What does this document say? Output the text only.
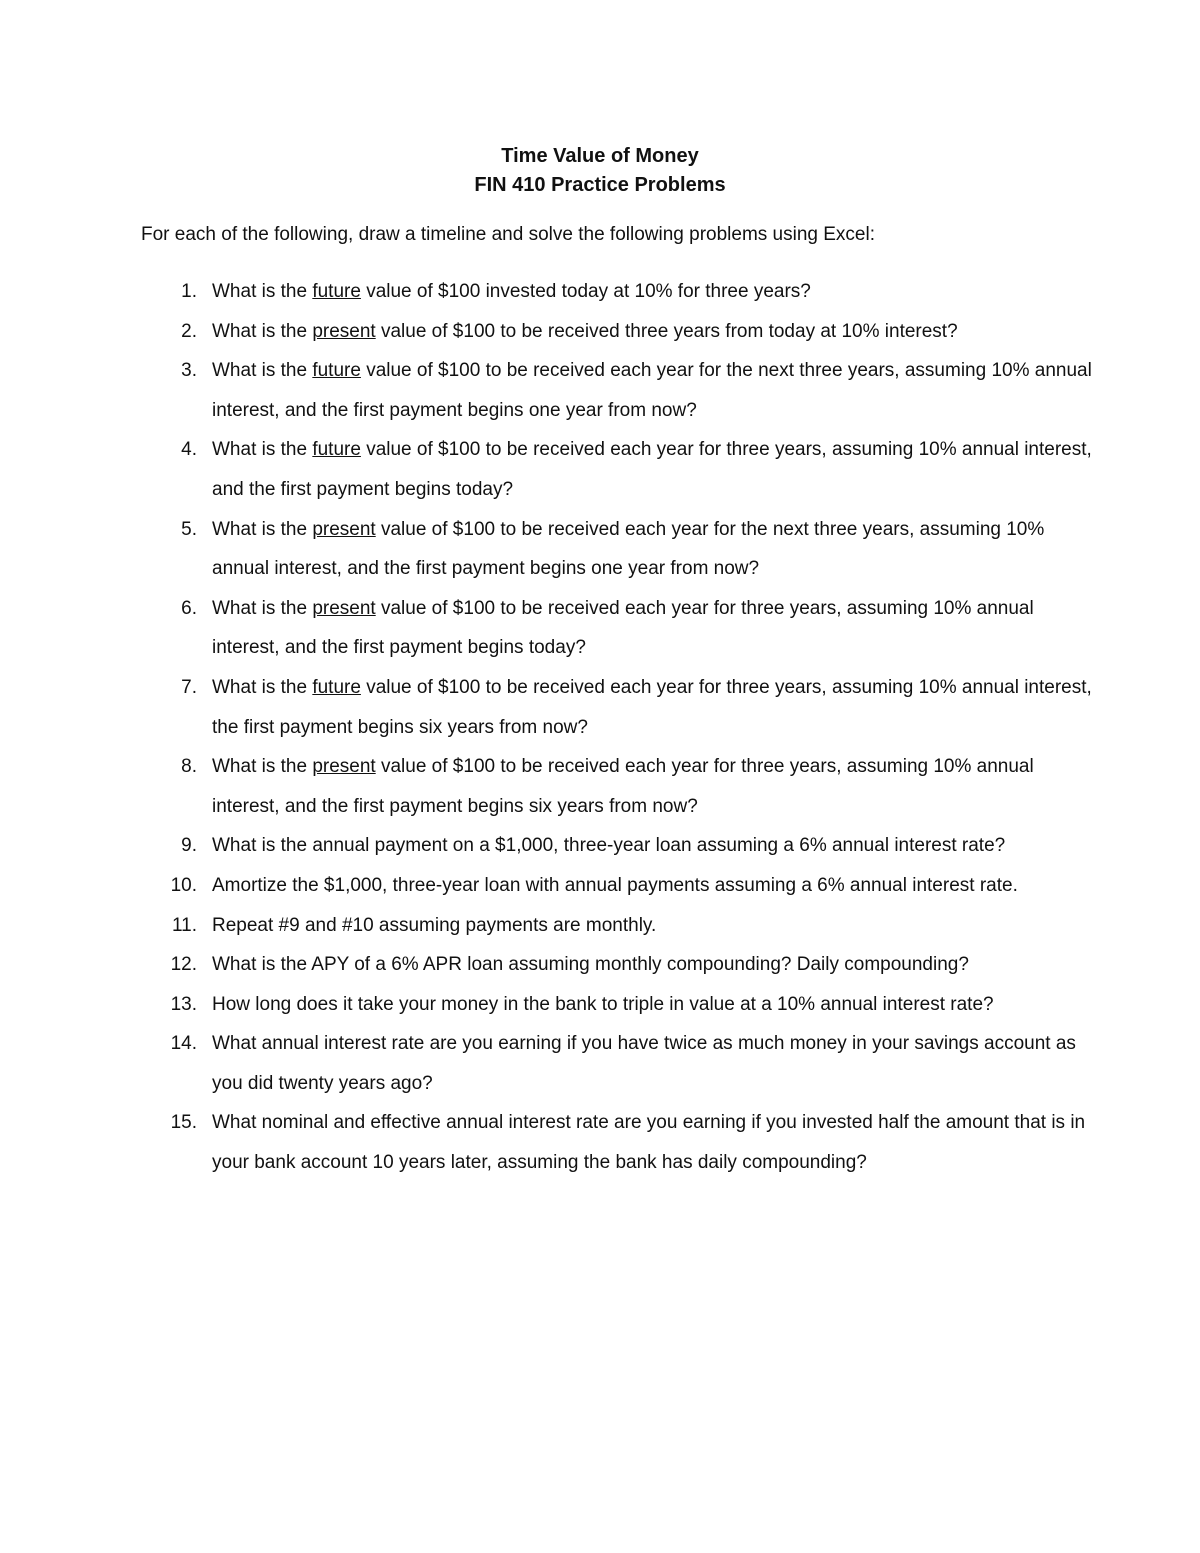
Time Value of Money

FIN 410 Practice Problems

For each of the following, draw a timeline and solve the following problems using Excel:

1. What is the future value of $100 invested today at 10% for three years?
2. What is the present value of $100 to be received three years from today at 10% interest?
3. What is the future value of $100 to be received each year for the next three years, assuming 10% annual interest, and the first payment begins one year from now?
4. What is the future value of $100 to be received each year for three years, assuming 10% annual interest, and the first payment begins today?
5. What is the present value of $100 to be received each year for the next three years, assuming 10% annual interest, and the first payment begins one year from now?
6. What is the present value of $100 to be received each year for three years, assuming 10% annual interest, and the first payment begins today?
7. What is the future value of $100 to be received each year for three years, assuming 10% annual interest, the first payment begins six years from now?
8. What is the present value of $100 to be received each year for three years, assuming 10% annual interest, and the first payment begins six years from now?
9. What is the annual payment on a $1,000, three-year loan assuming a 6% annual interest rate?
10. Amortize the $1,000, three-year loan with annual payments assuming a 6% annual interest rate.
11. Repeat #9 and #10 assuming payments are monthly.
12. What is the APY of a 6% APR loan assuming monthly compounding? Daily compounding?
13. How long does it take your money in the bank to triple in value at a 10% annual interest rate?
14. What annual interest rate are you earning if you have twice as much money in your savings account as you did twenty years ago?
15. What nominal and effective annual interest rate are you earning if you invested half the amount that is in your bank account 10 years later, assuming the bank has daily compounding?
